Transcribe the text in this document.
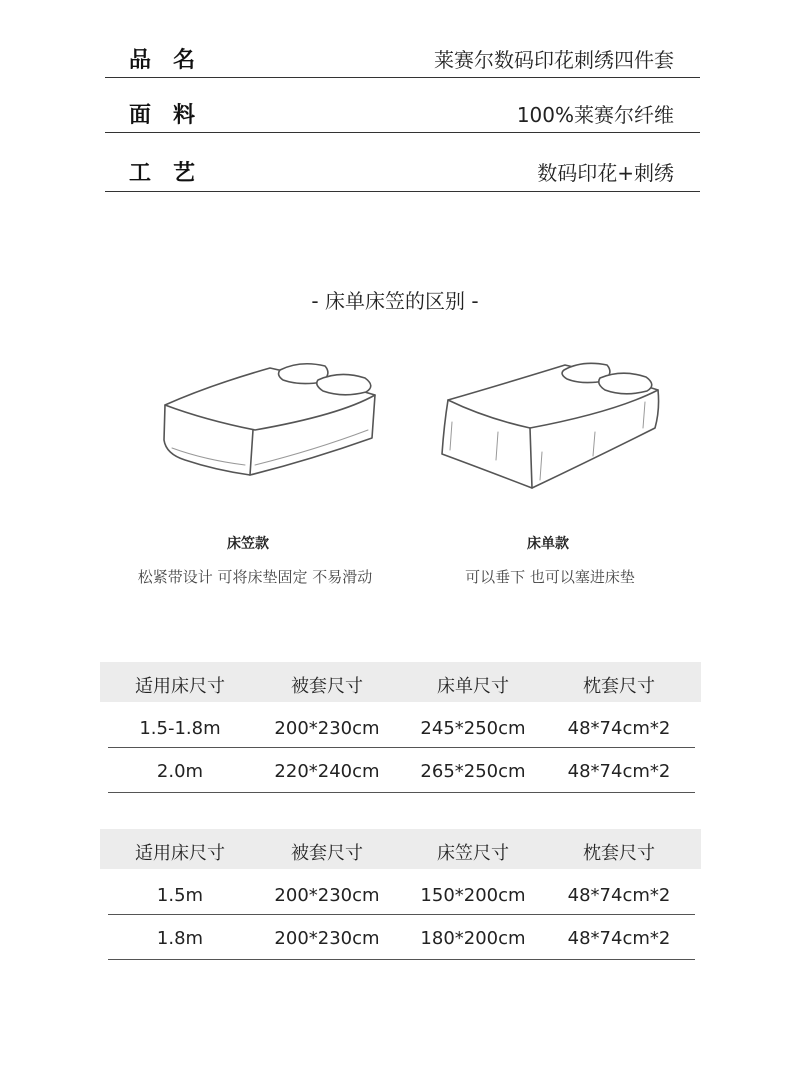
品名	莱赛尔数码印花刺绣四件套
面料	100%莱赛尔纤维
工艺	数码印花+刺绣
- 床单床笠的区别 -
床笠款
松紧带设计 可将床垫固定 不易滑动
床单款
可以垂下 也可以塞进床垫
适用床尺寸	被套尺寸	床单尺寸	枕套尺寸
1.5-1.8m	200*230cm	245*250cm	48*74cm*2
2.0m	220*240cm	265*250cm	48*74cm*2
适用床尺寸	被套尺寸	床笠尺寸	枕套尺寸
1.5m	200*230cm	150*200cm	48*74cm*2
1.8m	200*230cm	180*200cm	48*74cm*2
